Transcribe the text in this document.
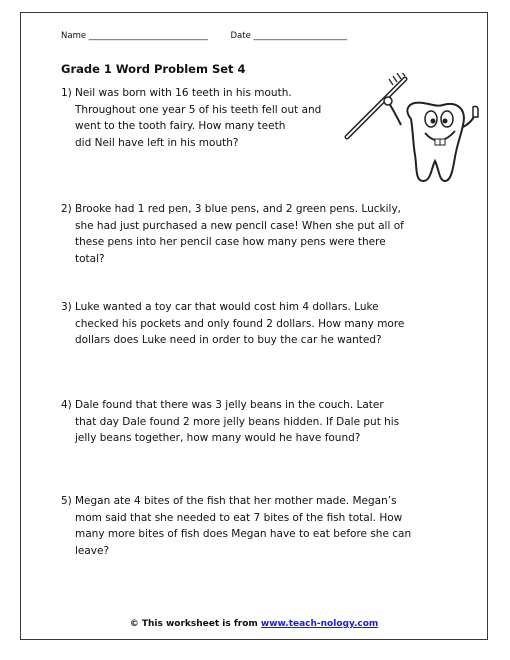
Name ____________________________	Date ______________________
Grade 1 Word Problem Set 4
1) Neil was born with 16 teeth in his mouth.
Throughout one year 5 of his teeth fell out and
went to the tooth fairy. How many teeth
did Neil have left in his mouth?
2) Brooke had 1 red pen, 3 blue pens, and 2 green pens. Luckily,
she had just purchased a new pencil case! When she put all of
these pens into her pencil case how many pens were there
total?
3) Luke wanted a toy car that would cost him 4 dollars. Luke
checked his pockets and only found 2 dollars. How many more
dollars does Luke need in order to buy the car he wanted?
4) Dale found that there was 3 jelly beans in the couch. Later
that day Dale found 2 more jelly beans hidden. If Dale put his
jelly beans together, how many would he have found?
5) Megan ate 4 bites of the fish that her mother made. Megan’s
mom said that she needed to eat 7 bites of the fish total. How
many more bites of fish does Megan have to eat before she can
leave?
© This worksheet is from www.teach-nology.com
